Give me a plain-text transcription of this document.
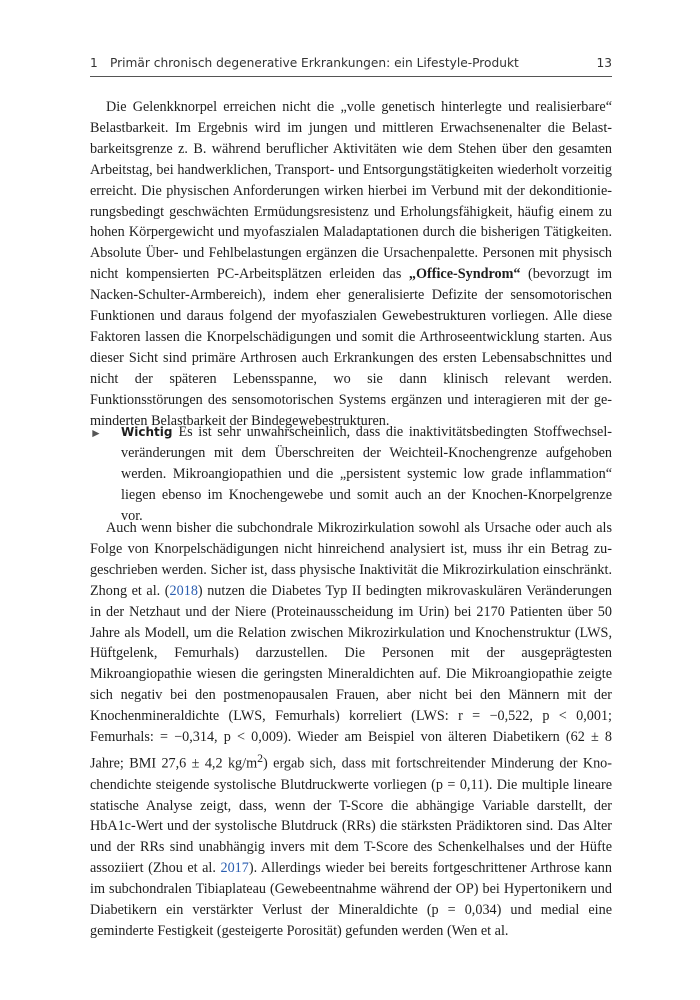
1 Primär chronisch degenerative Erkrankungen: ein Lifestyle-Produkt	13

Die Gelenkknorpel erreichen nicht die „volle genetisch hinterlegte und realisierbare“ Belastbarkeit. Im Ergebnis wird im jungen und mittleren Erwachsenenalter die Belastbarkeitsgrenze z. B. während beruflicher Aktivitäten wie dem Stehen über den gesamten Arbeitstag, bei handwerklichen, Transport- und Entsorgungstätigkeiten wiederholt vorzeitig erreicht. Die physischen Anforderungen wirken hierbei im Verbund mit der dekonditionierungsbedingt geschwächten Ermüdungsresistenz und Erholungsfähigkeit, häufig einem zu hohen Körpergewicht und myofaszialen Maladaptationen durch die bisherigen Tätigkeiten. Absolute Über- und Fehlbelastungen ergänzen die Ursachenpalette. Personen mit physisch nicht kompensierten PC-Arbeitsplätzen erleiden das „Office-Syndrom“ (bevorzugt im Nacken-Schulter-Armbereich), indem eher generalisierte Defizite der sensomotorischen Funktionen und daraus folgend der myofaszialen Gewebestrukturen vorliegen. Alle diese Faktoren lassen die Knorpelschädigungen und somit die Arthroseentwicklung starten. Aus dieser Sicht sind primäre Arthrosen auch Erkrankungen des ersten Lebensabschnittes und nicht der späteren Lebensspanne, wo sie dann klinisch relevant werden. Funktionsstörungen des sensomotorischen Systems ergänzen und interagieren mit der geminderten Belastbarkeit der Bindegewebestrukturen.

► Wichtig Es ist sehr unwahrscheinlich, dass die inaktivitätsbedingten Stoffwechselveränderungen mit dem Überschreiten der Weichteil-Knochengrenze aufgehoben werden. Mikroangiopathien und die „persistent systemic low grade inflammation“ liegen ebenso im Knochengewebe und somit auch an der Knochen-Knorpelgrenze vor.

Auch wenn bisher die subchondrale Mikrozirkulation sowohl als Ursache oder auch als Folge von Knorpelschädigungen nicht hinreichend analysiert ist, muss ihr ein Betrag zugeschrieben werden. Sicher ist, dass physische Inaktivität die Mikrozirkulation einschränkt. Zhong et al. (2018) nutzen die Diabetes Typ II bedingten mikrovaskulären Veränderungen in der Netzhaut und der Niere (Proteinausscheidung im Urin) bei 2170 Patienten über 50 Jahre als Modell, um die Relation zwischen Mikrozirkulation und Knochenstruktur (LWS, Hüftgelenk, Femurhals) darzustellen. Die Personen mit der ausgeprägtesten Mikroangiopathie wiesen die geringsten Mineraldichten auf. Die Mikroangiopathie zeigte sich negativ bei den postmenopausalen Frauen, aber nicht bei den Männern mit der Knochenmineraldichte (LWS, Femurhals) korreliert (LWS: r = −0,522, p < 0,001; Femurhals: = −0,314, p < 0,009). Wieder am Beispiel von älteren Diabetikern (62 ± 8 Jahre; BMI 27,6 ± 4,2 $kg/m^2$) ergab sich, dass mit fortschreitender Minderung der Knochendichte steigende systolische Blutdruckwerte vorliegen (p = 0,11). Die multiple lineare statische Analyse zeigt, dass, wenn der T-Score die abhängige Variable darstellt, der HbA1c-Wert und der systolische Blutdruck (RRs) die stärksten Prädiktoren sind. Das Alter und der RRs sind unabhängig invers mit dem T-Score des Schenkelhalses und der Hüfte assoziiert (Zhou et al. 2017). Allerdings wieder bei bereits fortgeschrittener Arthrose kann im subchondralen Tibiaplateau (Gewebeentnahme während der OP) bei Hypertonikern und Diabetikern ein verstärkter Verlust der Mineraldichte (p = 0,034) und medial eine geminderte Festigkeit (gesteigerte Porosität) gefunden werden (Wen et al.
